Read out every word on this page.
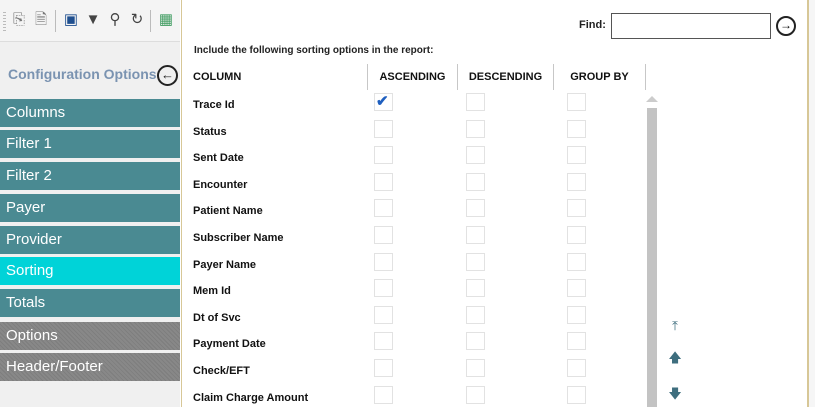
⎘ 🗎 ▣ ▼ ⚲ ↻ ▦
Configuration Options ←
Columns
Filter 1
Filter 2
Payer
Provider
Sorting
Totals
Options
Header/Footer
Find:	→
Include the following sorting options in the report:
COLUMN	ASCENDING	DESCENDING	GROUP BY
Trace Id	✔
Status
Sent Date
Encounter
Patient Name
Subscriber Name
Payer Name
Mem Id
Dt of Svc
Payment Date
Check/EFT
Claim Charge Amount
⤒
🡅
🡇
